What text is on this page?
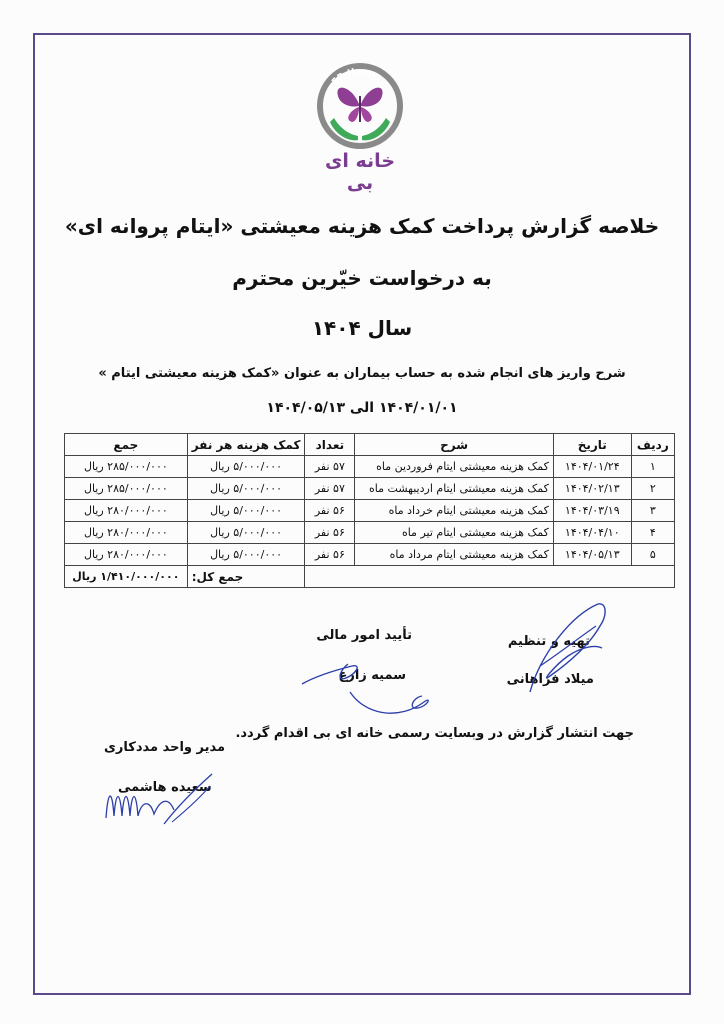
EB Home
خانه ای بی
خلاصه گزارش پرداخت کمک هزینه معیشتی «ایتام پروانه ای»
به درخواست خیّرین محترم
سال ۱۴۰۴
شرح واریز های انجام شده به حساب بیماران به عنوان «کمک هزینه معیشتی ایتام »
۱۴۰۴/۰۱/۰۱ الی ۱۴۰۴/۰۵/۱۳
ردیف	تاریخ	شرح	تعداد	کمک هزینه هر نفر	جمع
۱	۱۴۰۴/۰۱/۲۴	کمک هزینه معیشتی ایتام فروردین ماه	۵۷ نفر	۵/۰۰۰/۰۰۰ ریال	۲۸۵/۰۰۰/۰۰۰ ریال
۲	۱۴۰۴/۰۲/۱۳	کمک هزینه معیشتی ایتام اردیبهشت ماه	۵۷ نفر	۵/۰۰۰/۰۰۰ ریال	۲۸۵/۰۰۰/۰۰۰ ریال
۳	۱۴۰۴/۰۳/۱۹	کمک هزینه معیشتی ایتام خرداد ماه	۵۶ نفر	۵/۰۰۰/۰۰۰ ریال	۲۸۰/۰۰۰/۰۰۰ ریال
۴	۱۴۰۴/۰۴/۱۰	کمک هزینه معیشتی ایتام تیر ماه	۵۶ نفر	۵/۰۰۰/۰۰۰ ریال	۲۸۰/۰۰۰/۰۰۰ ریال
۵	۱۴۰۴/۰۵/۱۳	کمک هزینه معیشتی ایتام مرداد ماه	۵۶ نفر	۵/۰۰۰/۰۰۰ ریال	۲۸۰/۰۰۰/۰۰۰ ریال
				جمع کل:	۱/۴۱۰/۰۰۰/۰۰۰ ریال
تهیه و تنظیم
میلاد فراهانی
تأیید امور مالی
سمیه زارع
جهت انتشار گزارش در وبسایت رسمی خانه ای بی اقدام گردد.
مدیر واحد مددکاری
سعیده هاشمی
